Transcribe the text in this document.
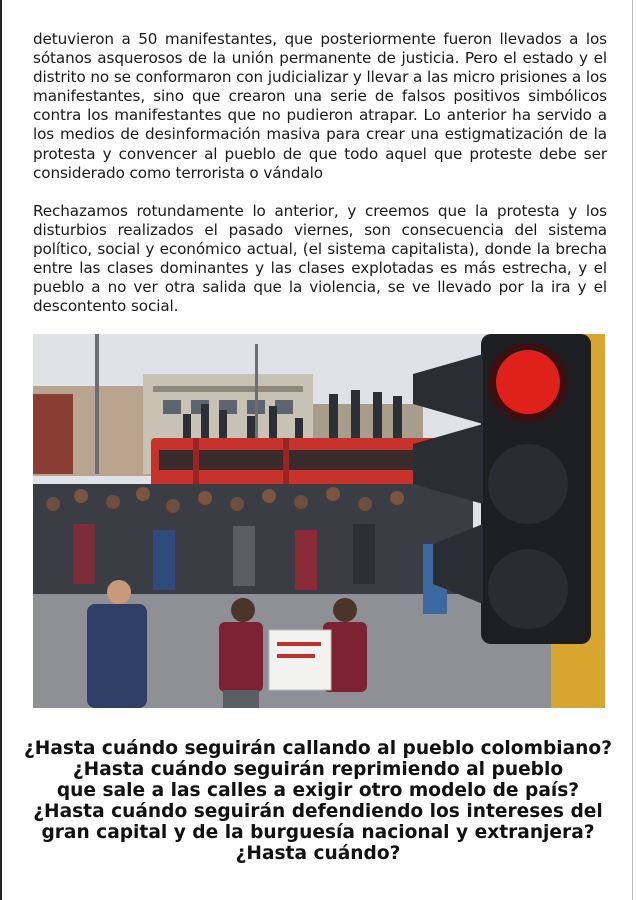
detuvieron a 50 manifestantes, que posteriormente fueron llevados a los sótanos asquerosos de la unión permanente de justicia. Pero el estado y el distrito no se conformaron con judicializar y llevar a las micro prisiones a los manifestantes, sino que crearon una serie de falsos positivos simbólicos contra los manifestantes que no pudieron atrapar. Lo anterior ha servido a los medios de desinformación masiva para crear una estigmatización de la protesta y convencer al pueblo de que todo aquel que proteste debe ser considerado como terrorista o vándalo

Rechazamos rotundamente lo anterior, y creemos que la protesta y los disturbios realizados el pasado viernes, son consecuencia del sistema político, social y económico actual, (el sistema capitalista), donde la brecha entre las clases dominantes y las clases explotadas es más estrecha, y el pueblo a no ver otra salida que la violencia, se ve llevado por la ira y el descontento social.

¿Hasta cuándo seguirán callando al pueblo colombiano?
¿Hasta cuándo seguirán reprimiendo al pueblo
que sale a las calles a exigir otro modelo de país?
¿Hasta cuándo seguirán defendiendo los intereses del
gran capital y de la burguesía nacional y extranjera?
¿Hasta cuándo?
